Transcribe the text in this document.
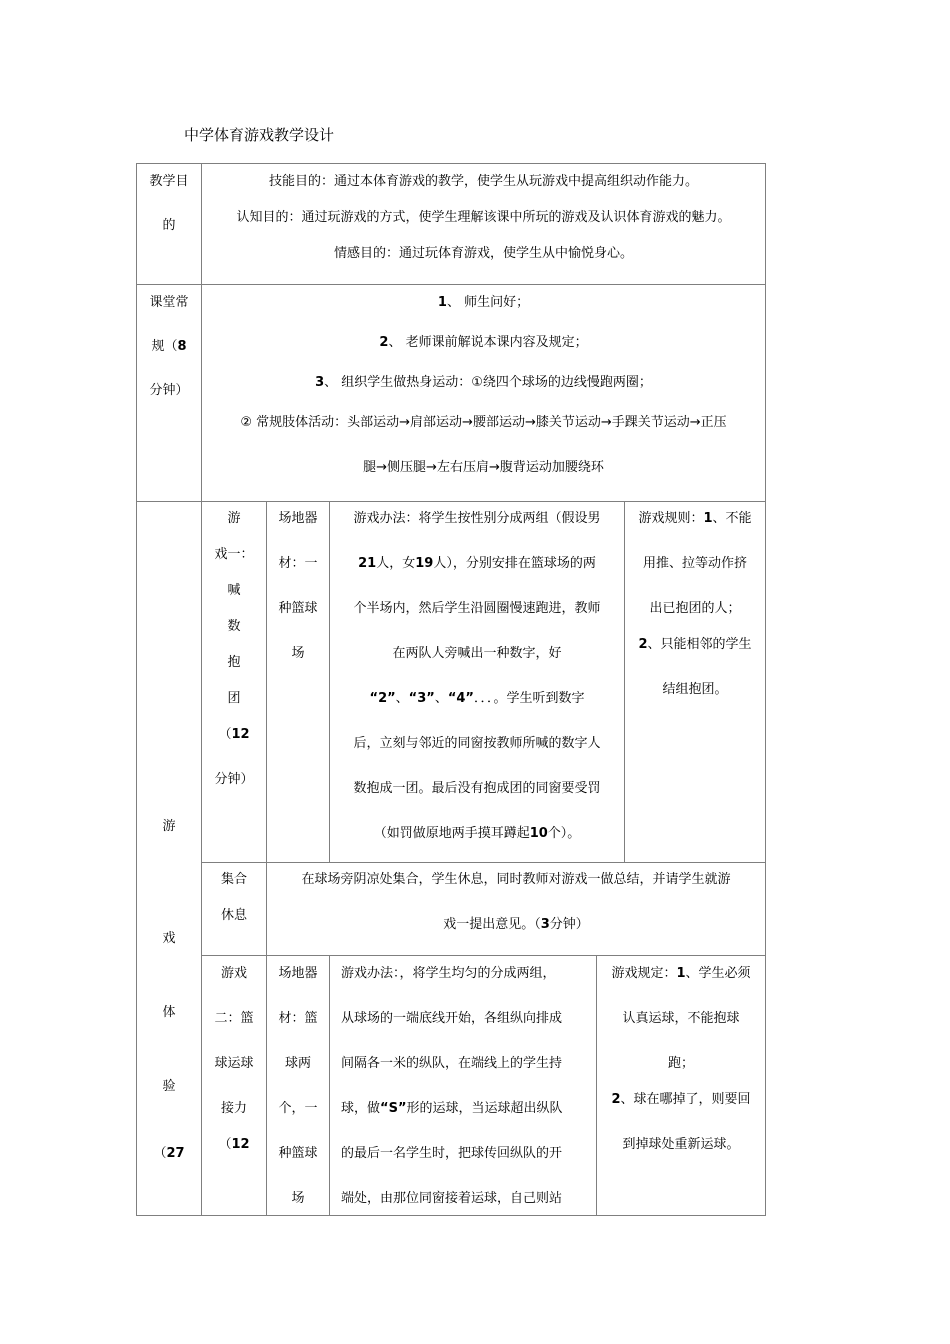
中学体育游戏教学设计
教学目
的
技能目的：通过本体育游戏的教学，使学生从玩游戏中提高组织动作能力。
认知目的：通过玩游戏的方式，使学生理解该课中所玩的游戏及认识体育游戏的魅力。
情感目的：通过玩体育游戏，使学生从中愉悦身心。
课堂常
规（8
分钟）
1、 师生问好；
2、 老师课前解说本课内容及规定；
3、 组织学生做热身运动：①绕四个球场的边线慢跑两圈；
② 常规肢体活动：头部运动→肩部运动→腰部运动→膝关节运动→手踝关节运动→正压
腿→侧压腿→左右压肩→腹背运动加腰绕环
游
戏
体
验
（27
游
戏一：
喊
数
抱
团
（12
分钟）
场地器
材：一
种篮球
场
游戏办法：将学生按性别分成两组（假设男
21人，女19人），分别安排在篮球场的两
个半场内，然后学生沿圆圈慢速跑进，教师
在两队人旁喊出一种数字，好
“2”、“3”、“4”．．．。学生听到数字
后，立刻与邻近的同窗按教师所喊的数字人
数抱成一团。最后没有抱成团的同窗要受罚
（如罚做原地两手摸耳蹲起10个）。
游戏规则：1、不能
用推、拉等动作挤
出已抱团的人；
2、只能相邻的学生
结组抱团。
集合
休息
在球场旁阴凉处集合，学生休息，同时教师对游戏一做总结，并请学生就游
戏一提出意见。（3分钟）
游戏
二：篮
球运球
接力
（12
场地器
材：篮
球两
个，一
种篮球
场
游戏办法：，将学生均匀的分成两组，
从球场的一端底线开始，各组纵向排成
间隔各一米的纵队，在端线上的学生持
球，做“S”形的运球，当运球超出纵队
的最后一名学生时，把球传回纵队的开
端处，由那位同窗接着运球，自己则站
游戏规定：1、学生必须
认真运球，不能抱球
跑；
2、球在哪掉了，则要回
到掉球处重新运球。
